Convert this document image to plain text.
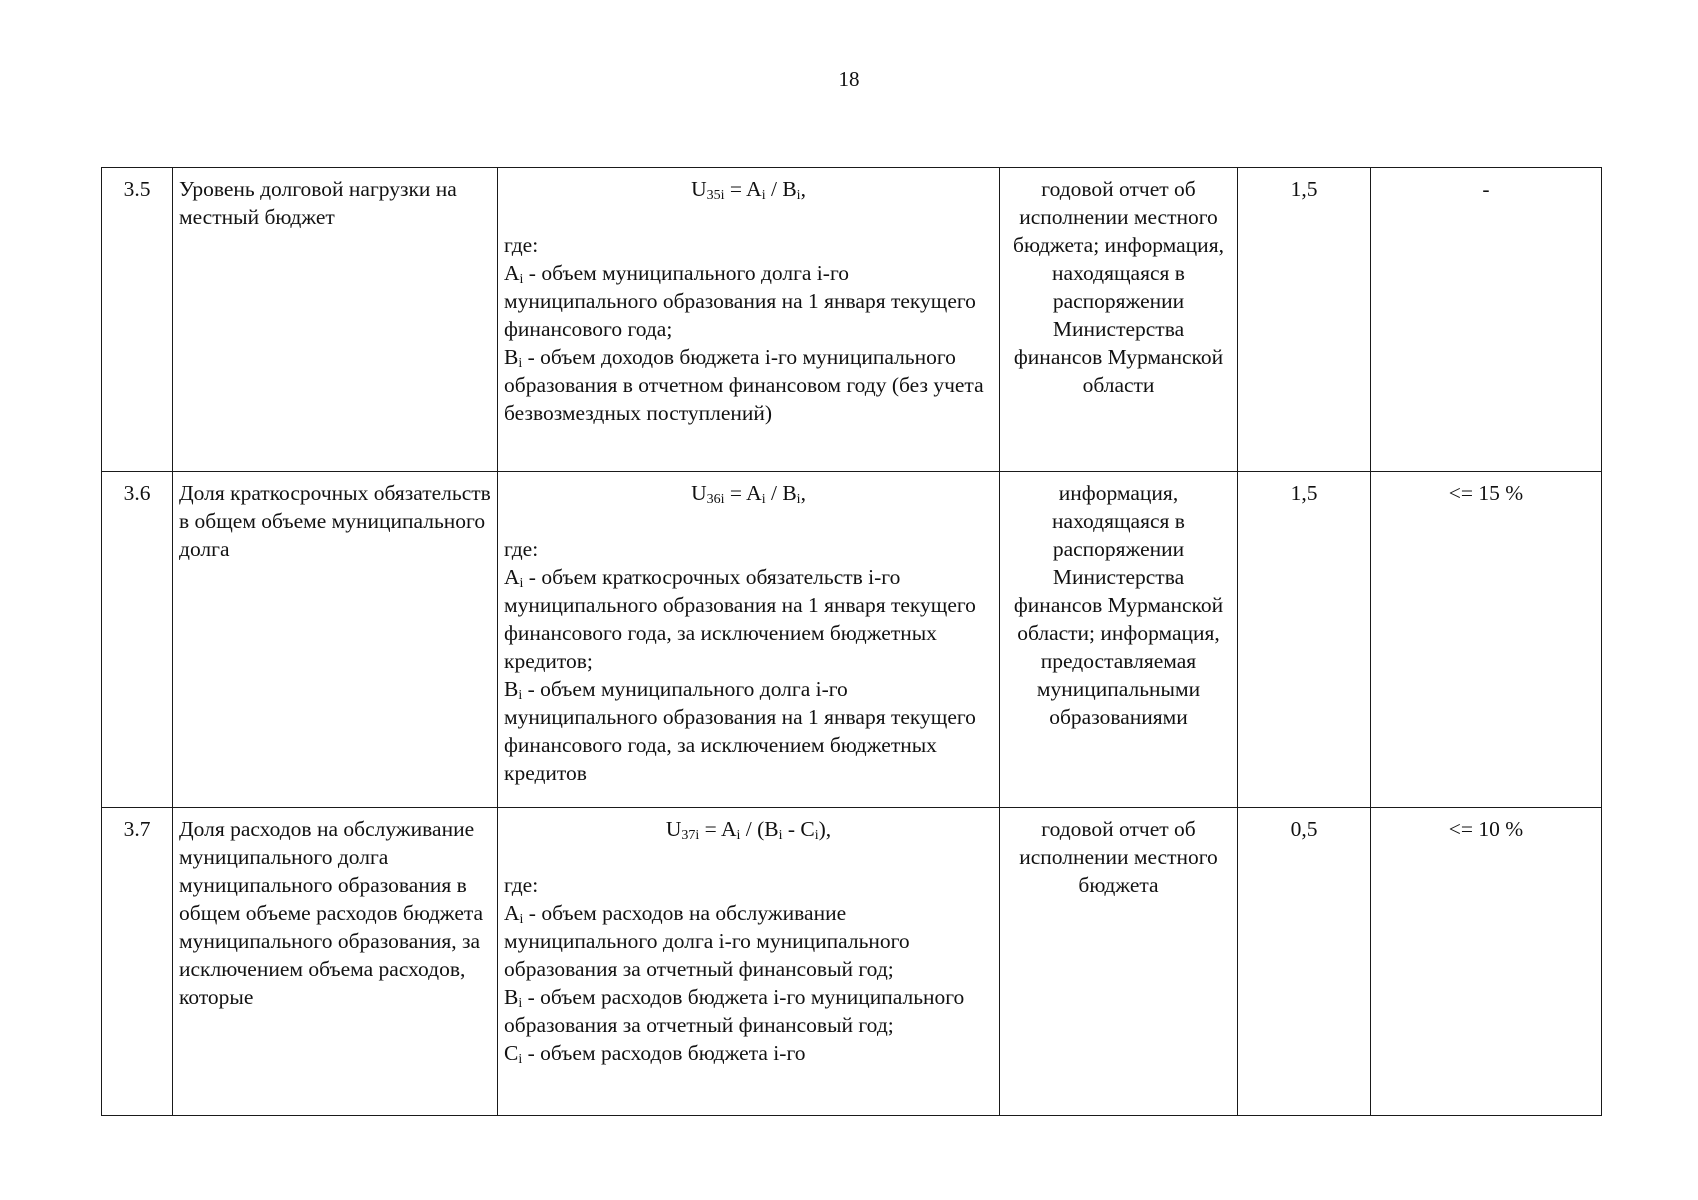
18
3.5	Уровень долговой нагрузки на местный бюджет	$U_{35i} = A_i / B_i$,
где:
$A_i$ - объем муниципального долга i-го муниципального образования на 1 января текущего финансового года;
$B_i$ - объем доходов бюджета i-го муниципального образования в отчетном финансовом году (без учета безвозмездных поступлений)	годовой отчет об исполнении местного бюджета; информация, находящаяся в распоряжении Министерства финансов Мурманской области	1,5	-
3.6	Доля краткосрочных обязательств в общем объеме муниципального долга	$U_{36i} = A_i / B_i$,
где:
$A_i$ - объем краткосрочных обязательств i-го муниципального образования на 1 января текущего финансового года, за исключением бюджетных кредитов;
$B_i$ - объем муниципального долга i-го муниципального образования на 1 января текущего финансового года, за исключением бюджетных кредитов	информация, находящаяся в распоряжении Министерства финансов Мурманской области; информация, предоставляемая муниципальными образованиями	1,5	<= 15 %
3.7	Доля расходов на обслуживание муниципального долга муниципального образования в общем объеме расходов бюджета муниципального образования, за исключением объема расходов, которые	$U_{37i} = A_i / (B_i - C_i)$,
где:
$A_i$ - объем расходов на обслуживание муниципального долга i-го муниципального образования за отчетный финансовый год;
$B_i$ - объем расходов бюджета i-го муниципального образования за отчетный финансовый год;
$C_i$ - объем расходов бюджета i-го	годовой отчет об исполнении местного бюджета	0,5	<= 10 %
